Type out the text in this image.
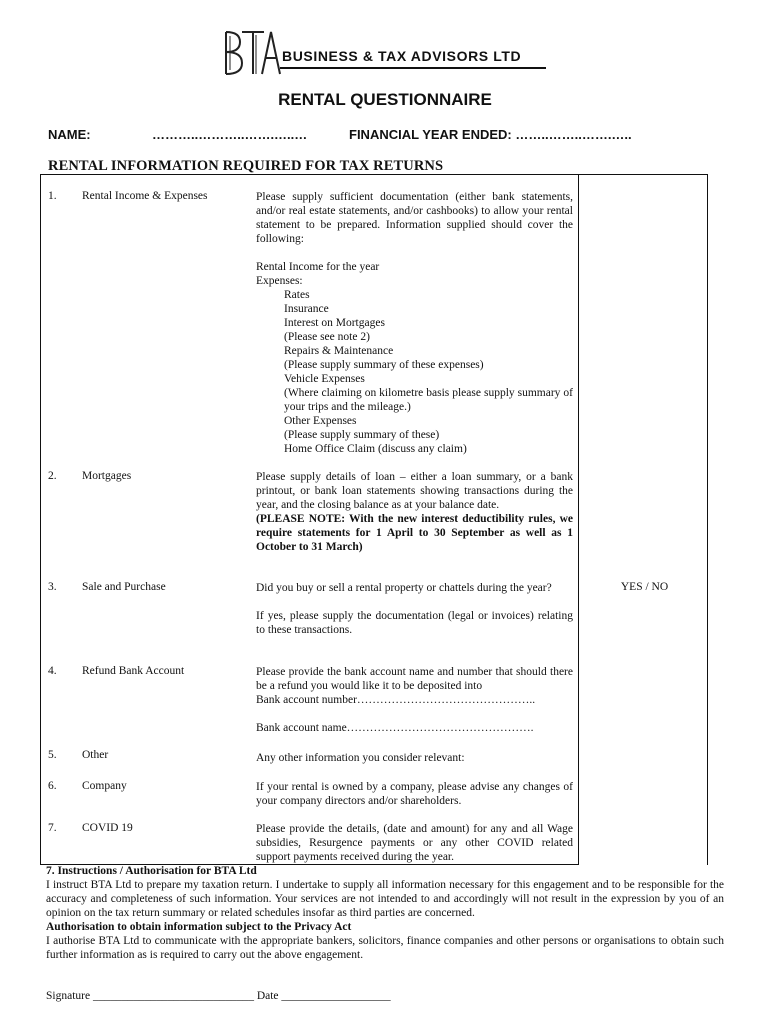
BUSINESS & TAX ADVISORS LTD
RENTAL QUESTIONNAIRE
NAME:	………..………..…….…..…	FINANCIAL YEAR ENDED: ……..……..…….…..
RENTAL INFORMATION REQUIRED FOR TAX RETURNS
1. Rental Income & Expenses	Please supply sufficient documentation (either bank statements, and/or real estate statements, and/or cashbooks) to allow your rental statement to be prepared. Information supplied should cover the following:
Rental Income for the year
Expenses:
Rates
Insurance
Interest on Mortgages
(Please see note 2)
Repairs & Maintenance
(Please supply summary of these expenses)
Vehicle Expenses
(Where claiming on kilometre basis please supply summary of your trips and the mileage.)
Other Expenses
(Please supply summary of these)
Home Office Claim (discuss any claim)
2. Mortgages	Please supply details of loan – either a loan summary, or a bank printout, or bank loan statements showing transactions during the year, and the closing balance as at your balance date.
(PLEASE NOTE: With the new interest deductibility rules, we require statements for 1 April to 30 September as well as 1 October to 31 March)
3. Sale and Purchase	Did you buy or sell a rental property or chattels during the year?
If yes, please supply the documentation (legal or invoices) relating to these transactions.
YES / NO
4. Refund Bank Account	Please provide the bank account name and number that should there be a refund you would like it to be deposited into
Bank account number………………………………………..
Bank account name………………………………………….
5. Other	Any other information you consider relevant:
6. Company	If your rental is owned by a company, please advise any changes of your company directors and/or shareholders.
7. COVID 19	Please provide the details, (date and amount) for any and all Wage subsidies, Resurgence payments or any other COVID related support payments received during the year.

7. Instructions / Authorisation for BTA Ltd

I instruct BTA Ltd to prepare my taxation return. I undertake to supply all information necessary for this engagement and to be responsible for the accuracy and completeness of such information. Your services are not intended to and accordingly will not result in the expression by you of an opinion on the tax return summary or related schedules insofar as third parties are concerned.

Authorisation to obtain information subject to the Privacy Act

I authorise BTA Ltd to communicate with the appropriate bankers, solicitors, finance companies and other persons or organisations to obtain such further information as is required to carry out the above engagement.

Signature ____________________________ Date ___________________
